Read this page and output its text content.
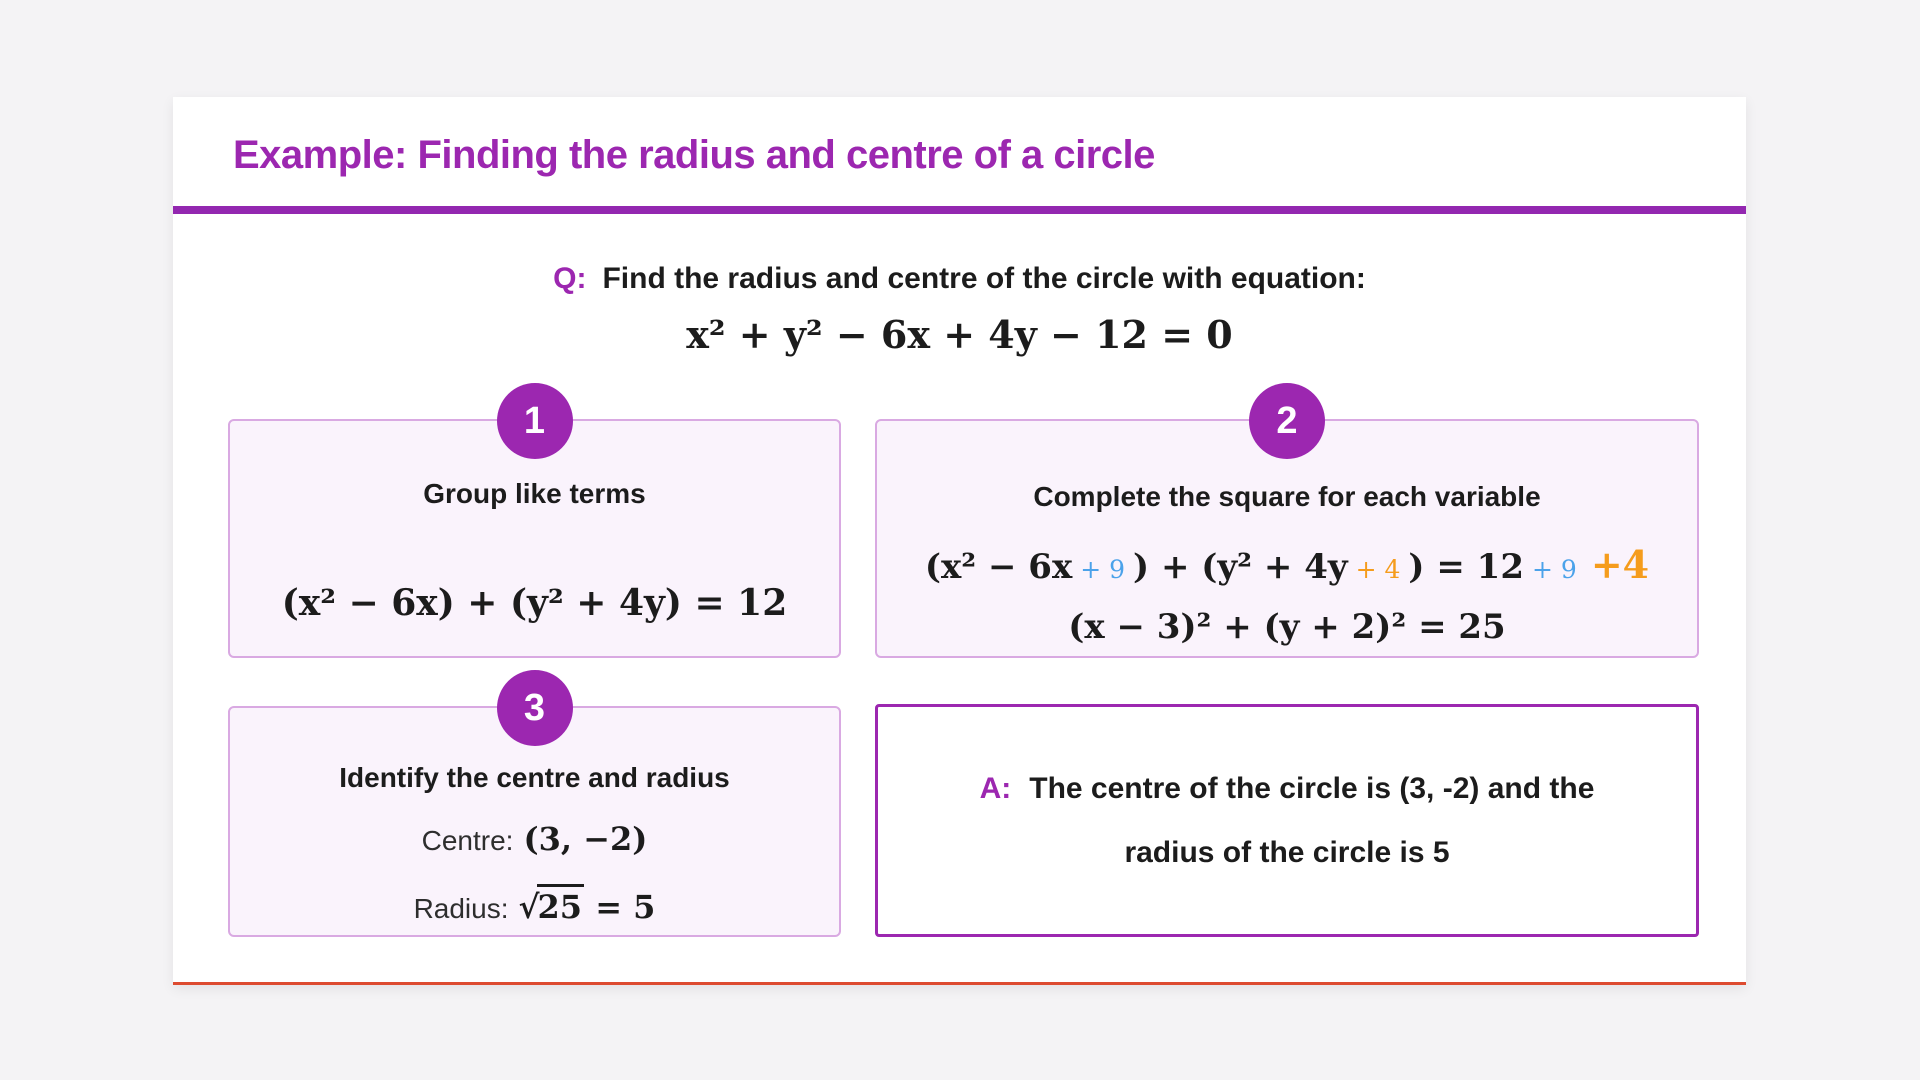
Example: Finding the radius and centre of a circle
Q: Find the radius and centre of the circle with equation:
x² + y² − 6x + 4y − 12 = 0
1
Group like terms
(x² − 6x) + (y² + 4y) = 12
2
Complete the square for each variable
(x² − 6x + 9 ) + (y² + 4y + 4 ) = 12 + 9 +4
(x − 3)² + (y + 2)² = 25
3
Identify the centre and radius
Centre: (3, −2)
Radius: √25 = 5
A: The centre of the circle is (3, -2) and the
radius of the circle is 5
